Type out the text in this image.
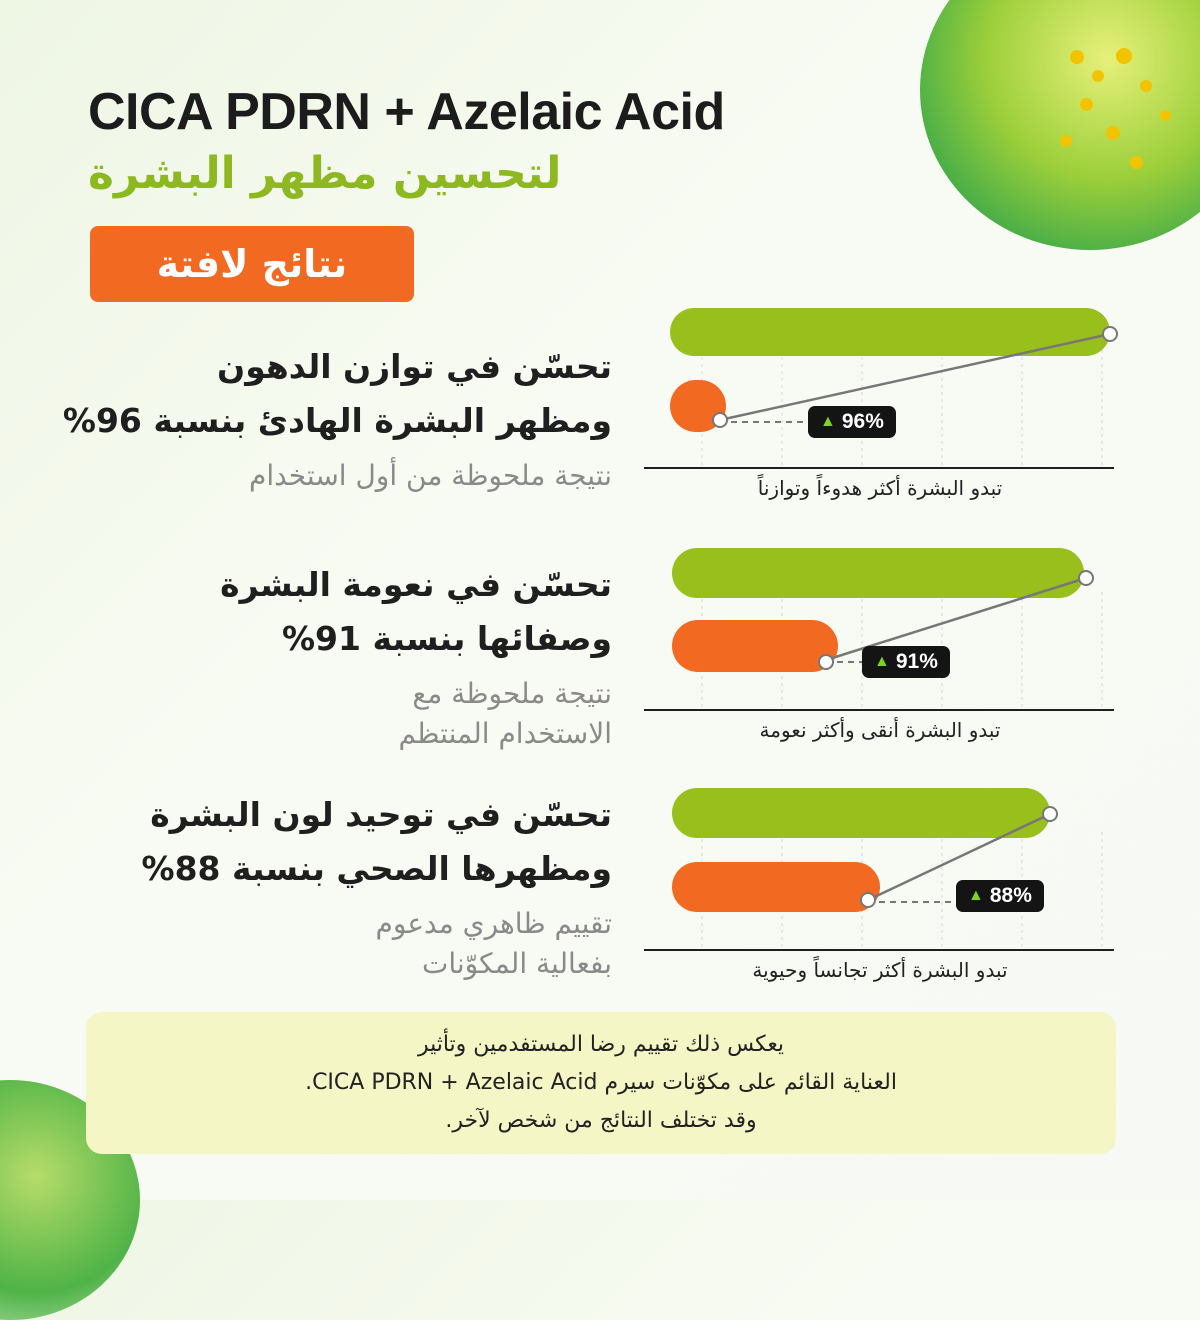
CICA PDRN + Azelaic Acid
لتحسين مظهر البشرة
نتائج لافتة
تحسّن في توازن الدهون
ومظهر البشرة الهادئ بنسبة 96%
نتيجة ملحوظة من أول استخدام
▲ 96%
تبدو البشرة أكثر هدوءاً وتوازناً
تحسّن في نعومة البشرة
وصفائها بنسبة 91%
نتيجة ملحوظة مع
الاستخدام المنتظم
▲ 91%
تبدو البشرة أنقى وأكثر نعومة
تحسّن في توحيد لون البشرة
ومظهرها الصحي بنسبة 88%
تقييم ظاهري مدعوم
بفعالية المكوّنات
▲ 88%
تبدو البشرة أكثر تجانساً وحيوية
يعكس ذلك تقييم رضا المستفدمين وتأثير
العناية القائم على مكوّنات سيرم CICA PDRN + Azelaic Acid.
وقد تختلف النتائج من شخص لآخر.
